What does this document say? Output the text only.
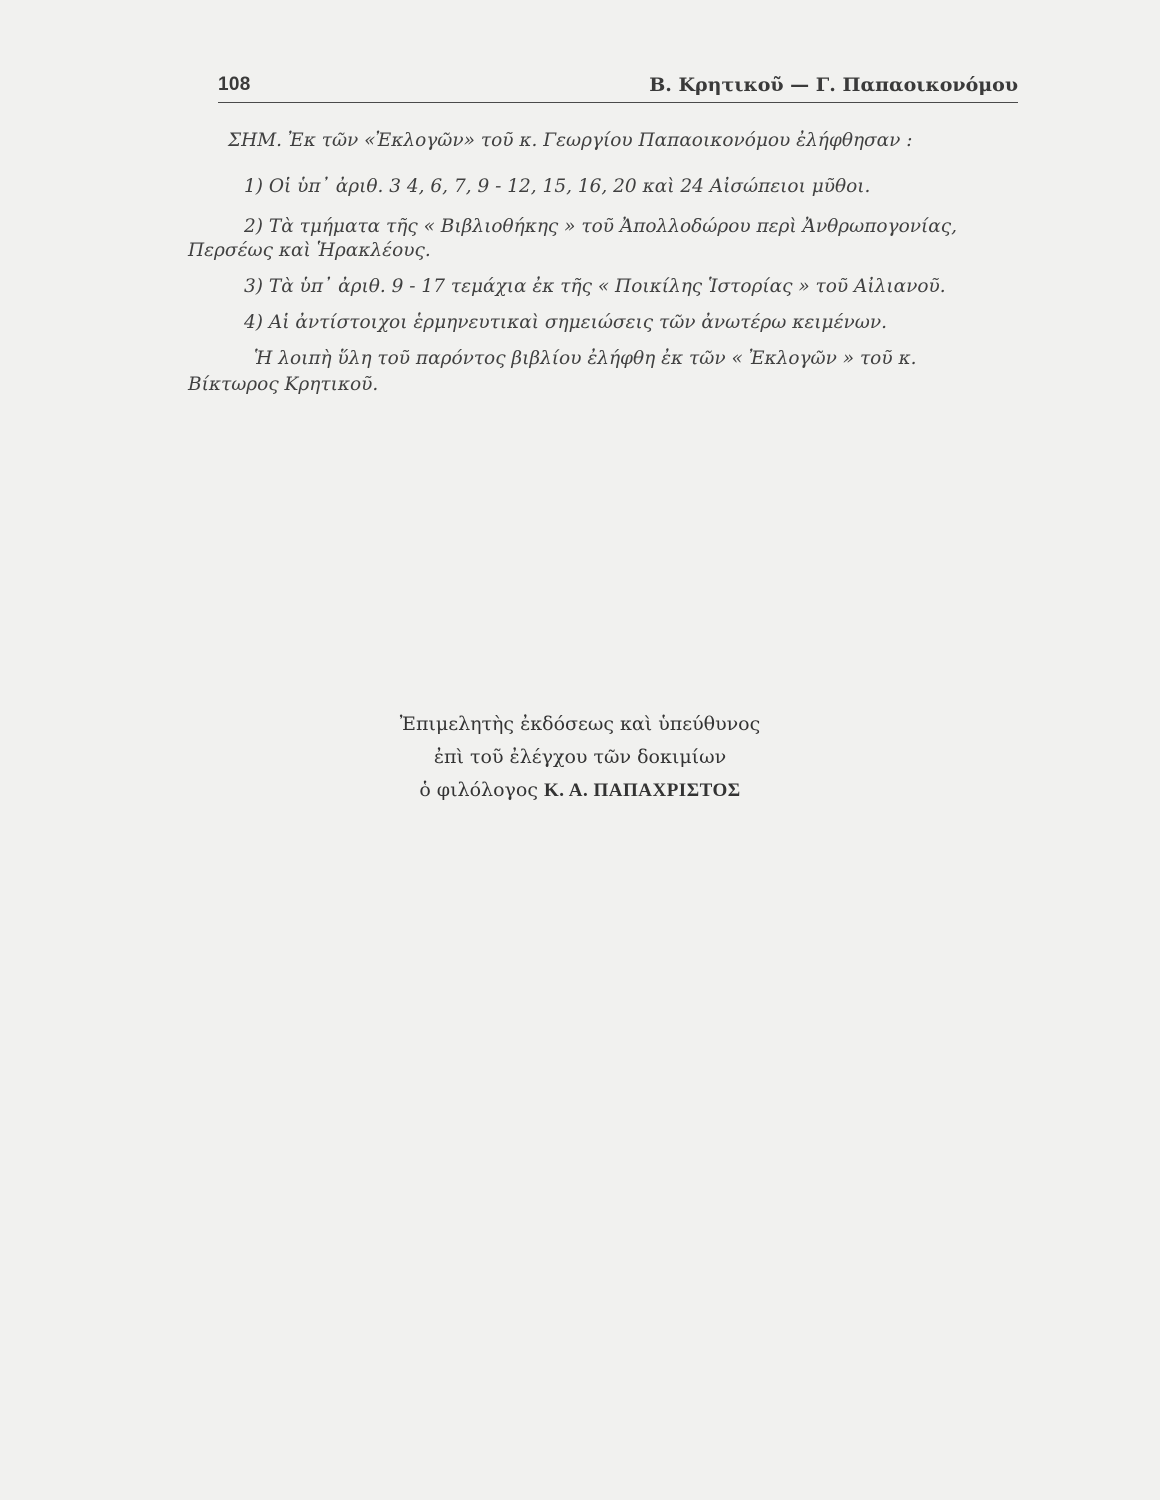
108	Β. Κρητικοῦ — Γ. Παπαοικονόμου
ΣΗΜ. Ἐκ τῶν «Ἐκλογῶν» τοῦ κ. Γεωργίου Παπαοικονόμου ἐλήφθησαν :
1) Οἱ ὑπ᾽ ἀριθ. 3 4, 6, 7, 9 - 12, 15, 16, 20 καὶ 24 Αἰσώπειοι μῦθοι.
2) Τὰ τμήματα τῆς « Βιβλιοθήκης » τοῦ Ἀπολλοδώρου περὶ Ἀνθρωπογονίας,
Περσέως καὶ Ἡρακλέους.
3) Τὰ ὑπ᾽ ἀριθ. 9 - 17 τεμάχια ἐκ τῆς « Ποικίλης Ἱστορίας » τοῦ Αἰλιανοῦ.
4) Αἱ ἀντίστοιχοι ἑρμηνευτικαὶ σημειώσεις τῶν ἀνωτέρω κειμένων.
Ἡ λοιπὴ ὕλη τοῦ παρόντος βιβλίου ἐλήφθη ἐκ τῶν « Ἐκλογῶν » τοῦ κ.
Βίκτωρος Κρητικοῦ.
Ἐπιμελητὴς ἐκδόσεως καὶ ὑπεύθυνος
ἐπὶ τοῦ ἐλέγχου τῶν δοκιμίων
ὁ φιλόλογος Κ. Α. ΠΑΠΑΧΡΙΣΤΟΣ
